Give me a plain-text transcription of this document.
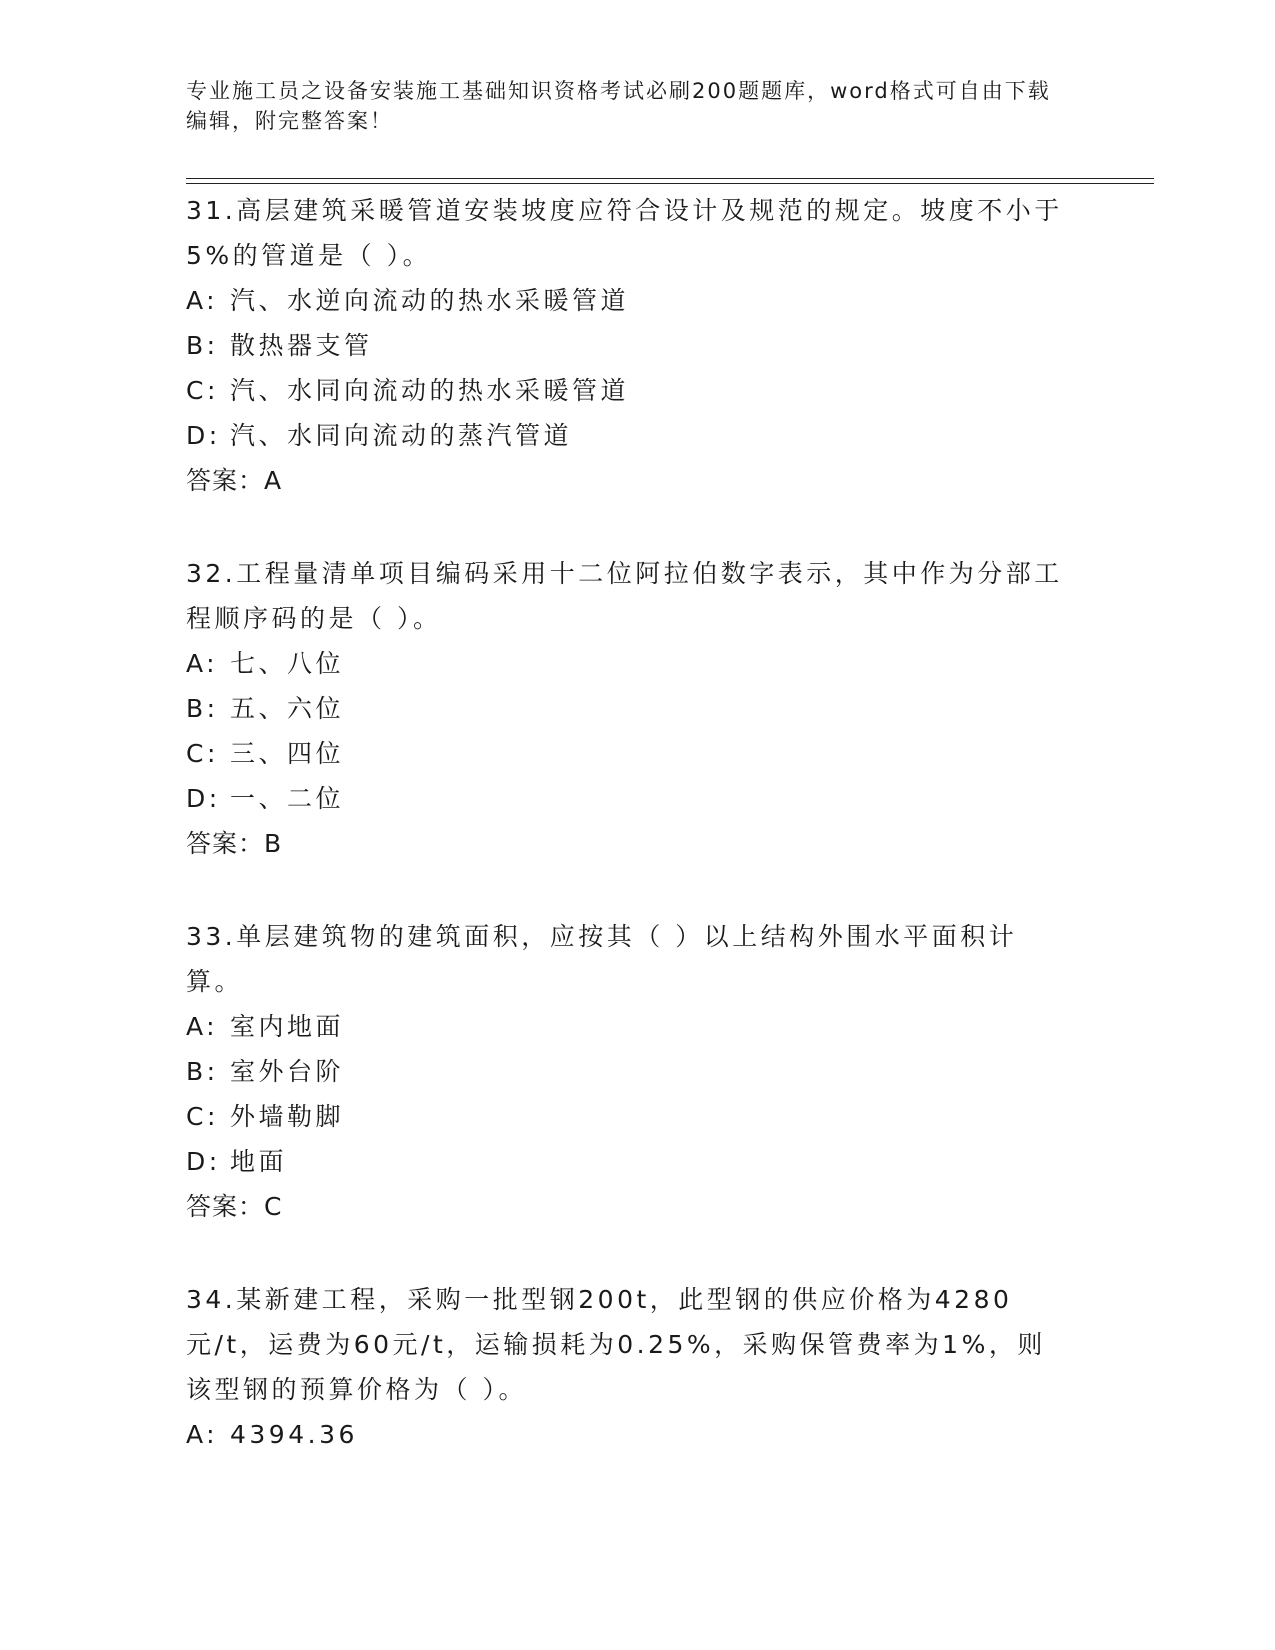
专业施工员之设备安装施工基础知识资格考试必刷200题题库，word格式可自由下载编辑，附完整答案！

31.高层建筑采暖管道安装坡度应符合设计及规范的规定。坡度不小于5%的管道是（ ）。

A: 汽、水逆向流动的热水采暖管道

B: 散热器支管

C: 汽、水同向流动的热水采暖管道

D: 汽、水同向流动的蒸汽管道

答案：A

32.工程量清单项目编码采用十二位阿拉伯数字表示，其中作为分部工程顺序码的是（ ）。

A: 七、八位

B: 五、六位

C: 三、四位

D: 一、二位

答案：B

33.单层建筑物的建筑面积，应按其（ ）以上结构外围水平面积计算。

A: 室内地面

B: 室外台阶

C: 外墙勒脚

D: 地面

答案：C

34.某新建工程，采购一批型钢200t，此型钢的供应价格为4280元/t，运费为60元/t，运输损耗为0.25%，采购保管费率为1%，则该型钢的预算价格为（ ）。

A: 4394.36
